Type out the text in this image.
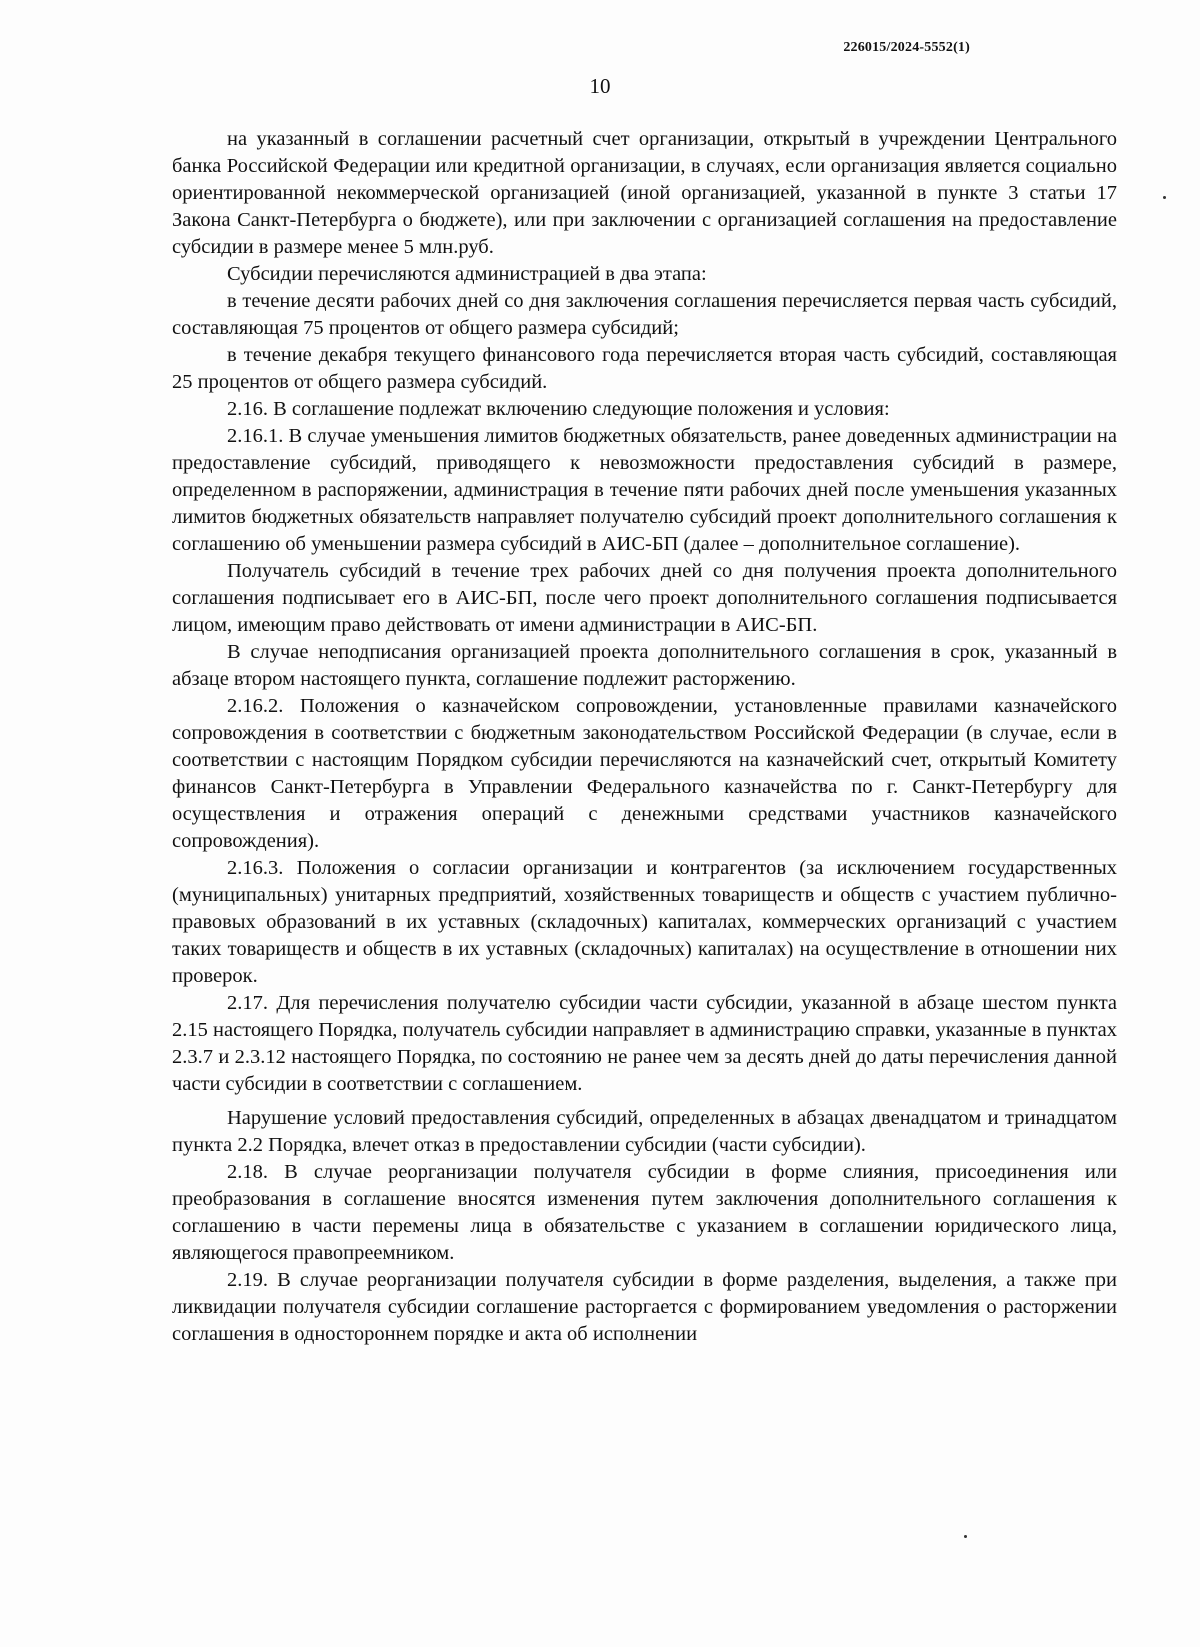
226015/2024-5552(1)
10

на указанный в соглашении расчетный счет организации, открытый в учреждении Центрального банка Российской Федерации или кредитной организации, в случаях, если организация является социально ориентированной некоммерческой организацией (иной организацией, указанной в пункте 3 статьи 17 Закона Санкт-Петербурга о бюджете), или при заключении с организацией соглашения на предоставление субсидии в размере менее 5 млн.руб.

Субсидии перечисляются администрацией в два этапа:

в течение десяти рабочих дней со дня заключения соглашения перечисляется первая часть субсидий, составляющая 75 процентов от общего размера субсидий;

в течение декабря текущего финансового года перечисляется вторая часть субсидий, составляющая 25 процентов от общего размера субсидий.

2.16. В соглашение подлежат включению следующие положения и условия:

2.16.1. В случае уменьшения лимитов бюджетных обязательств, ранее доведенных администрации на предоставление субсидий, приводящего к невозможности предоставления субсидий в размере, определенном в распоряжении, администрация в течение пяти рабочих дней после уменьшения указанных лимитов бюджетных обязательств направляет получателю субсидий проект дополнительного соглашения к соглашению об уменьшении размера субсидий в АИС-БП (далее – дополнительное соглашение).

Получатель субсидий в течение трех рабочих дней со дня получения проекта дополнительного соглашения подписывает его в АИС-БП, после чего проект дополнительного соглашения подписывается лицом, имеющим право действовать от имени администрации в АИС-БП.

В случае неподписания организацией проекта дополнительного соглашения в срок, указанный в абзаце втором настоящего пункта, соглашение подлежит расторжению.

2.16.2. Положения о казначейском сопровождении, установленные правилами казначейского сопровождения в соответствии с бюджетным законодательством Российской Федерации (в случае, если в соответствии с настоящим Порядком субсидии перечисляются на казначейский счет, открытый Комитету финансов Санкт-Петербурга в Управлении Федерального казначейства по г. Санкт-Петербургу для осуществления и отражения операций с денежными средствами участников казначейского сопровождения).

2.16.3. Положения о согласии организации и контрагентов (за исключением государственных (муниципальных) унитарных предприятий, хозяйственных товариществ и обществ с участием публично-правовых образований в их уставных (складочных) капиталах, коммерческих организаций с участием таких товариществ и обществ в их уставных (складочных) капиталах) на осуществление в отношении них проверок.

2.17. Для перечисления получателю субсидии части субсидии, указанной в абзаце шестом пункта 2.15 настоящего Порядка, получатель субсидии направляет в администрацию справки, указанные в пунктах 2.3.7 и 2.3.12 настоящего Порядка, по состоянию не ранее чем за десять дней до даты перечисления данной части субсидии в соответствии с соглашением.

Нарушение условий предоставления субсидий, определенных в абзацах двенадцатом и тринадцатом пункта 2.2 Порядка, влечет отказ в предоставлении субсидии (части субсидии).

2.18. В случае реорганизации получателя субсидии в форме слияния, присоединения или преобразования в соглашение вносятся изменения путем заключения дополнительного соглашения к соглашению в части перемены лица в обязательстве с указанием в соглашении юридического лица, являющегося правопреемником.

2.19. В случае реорганизации получателя субсидии в форме разделения, выделения, а также при ликвидации получателя субсидии соглашение расторгается с формированием уведомления о расторжении соглашения в одностороннем порядке и акта об исполнении
